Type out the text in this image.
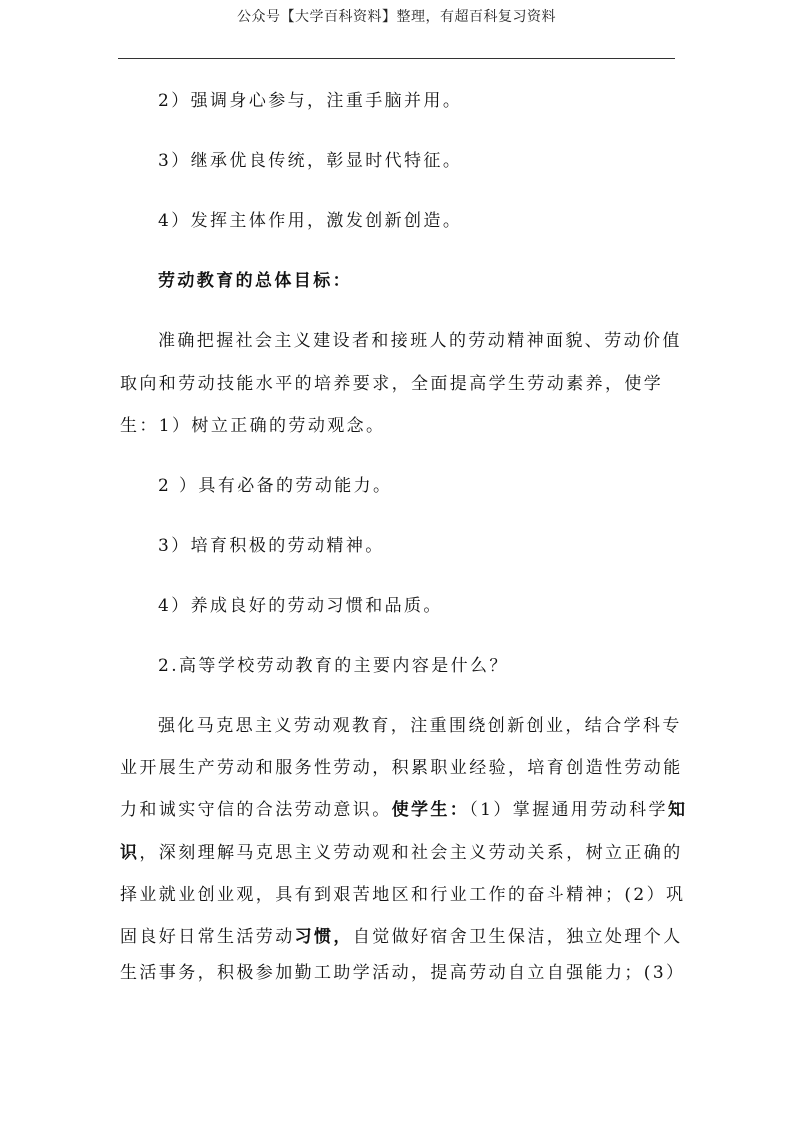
公众号【大学百科资料】整理，有超百科复习资料
2）强调身心参与，注重手脑并用。
3）继承优良传统，彰显时代特征。
4）发挥主体作用，激发创新创造。
劳动教育的总体目标：
准确把握社会主义建设者和接班人的劳动精神面貌、劳动价值
取向和劳动技能水平的培养要求，全面提高学生劳动素养，使学
生：1）树立正确的劳动观念。
2 ）具有必备的劳动能力。
3）培育积极的劳动精神。
4）养成良好的劳动习惯和品质。
2.高等学校劳动教育的主要内容是什么？
强化马克思主义劳动观教育，注重围绕创新创业，结合学科专
业开展生产劳动和服务性劳动，积累职业经验，培育创造性劳动能
力和诚实守信的合法劳动意识。使学生：（1）掌握通用劳动科学知
识，深刻理解马克思主义劳动观和社会主义劳动关系，树立正确的
择业就业创业观，具有到艰苦地区和行业工作的奋斗精神；(2）巩
固良好日常生活劳动习惯，自觉做好宿舍卫生保洁，独立处理个人
生活事务，积极参加勤工助学活动，提高劳动自立自强能力；(3）
